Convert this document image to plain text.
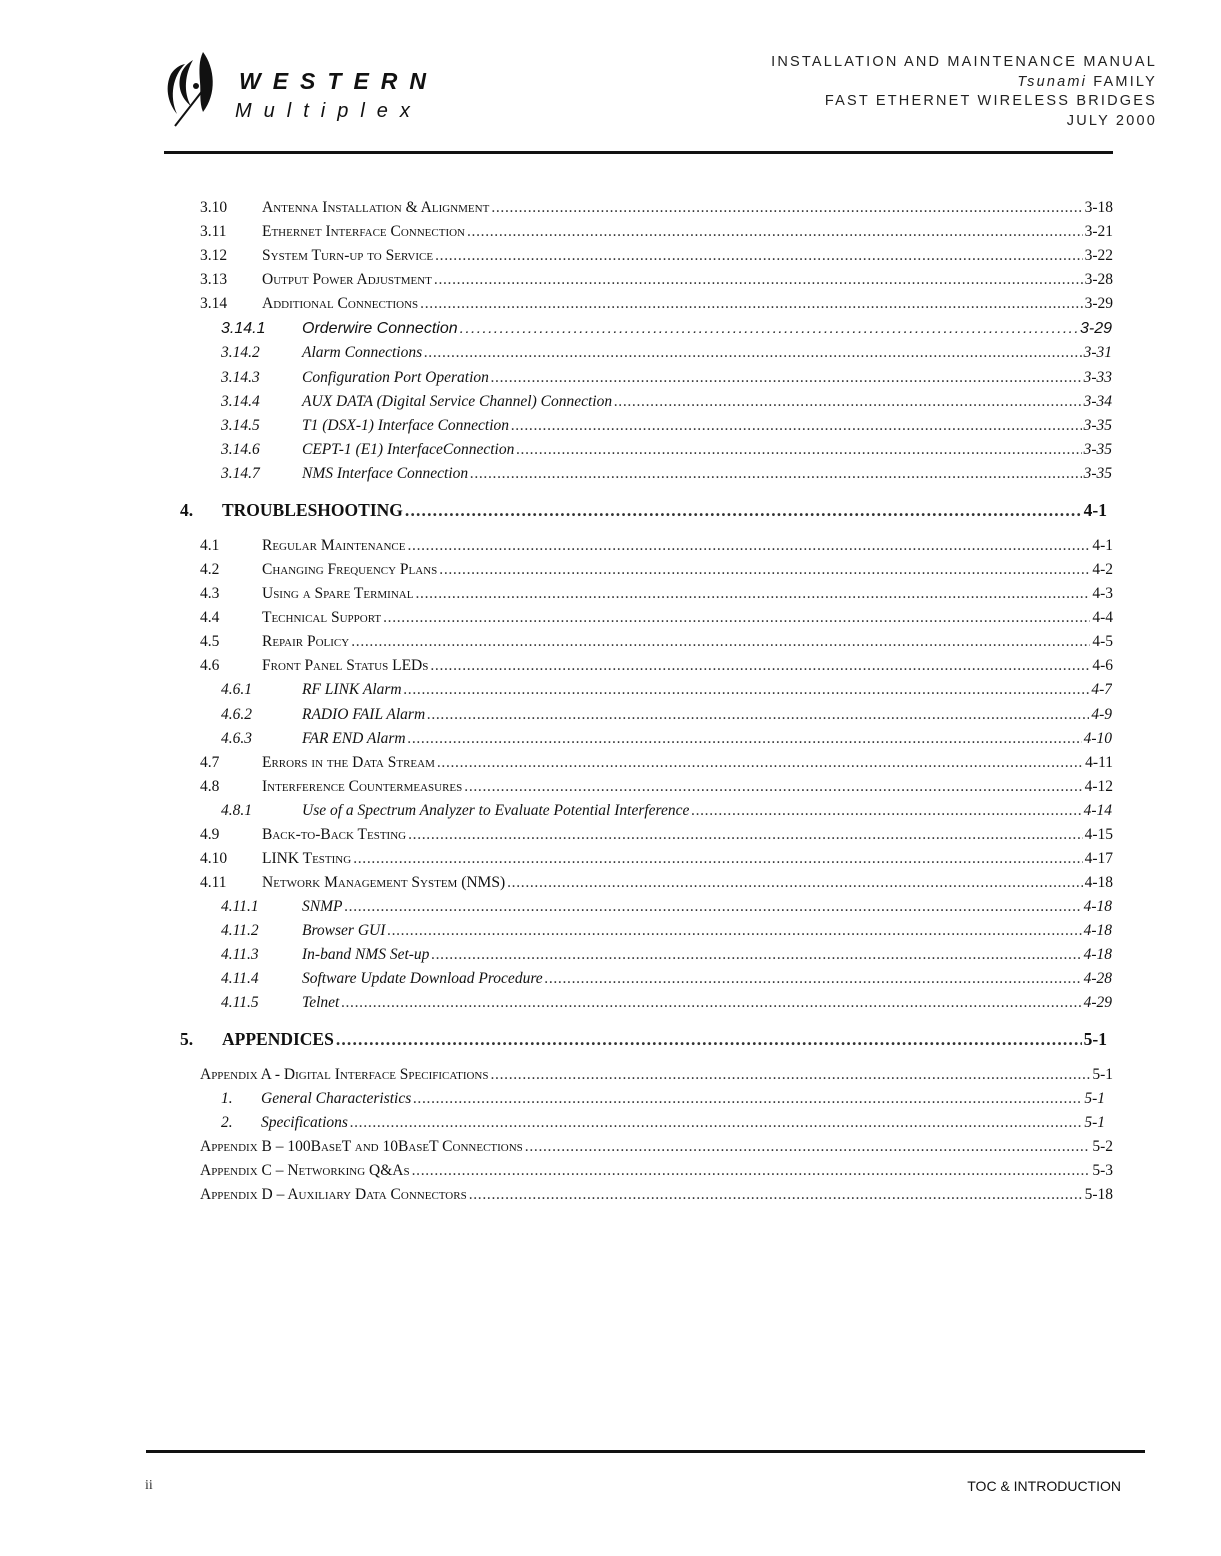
WESTERN
Multiplex
INSTALLATION AND MAINTENANCE MANUAL
Tsunami FAMILY
FAST ETHERNET WIRELESS BRIDGES
JULY 2000
3.10	Antenna Installation & Alignment . . .	3-18
3.11	Ethernet Interface Connection . . .	3-21
3.12	System Turn-up to Service . . .	3-22
3.13	Output Power Adjustment . . .	3-28
3.14	Additional Connections . . .	3-29
3.14.1	Orderwire Connection . . .	3-29
3.14.2	Alarm Connections . . .	3-31
3.14.3	Configuration Port Operation . . .	3-33
3.14.4	AUX DATA (Digital Service Channel) Connection . . .	3-34
3.14.5	T1 (DSX-1) Interface Connection . . .	3-35
3.14.6	CEPT-1 (E1) InterfaceConnection . . .	3-35
3.14.7	NMS Interface Connection . . .	3-35
4.	TROUBLESHOOTING . . .	4-1
4.1	Regular Maintenance . . .	4-1
4.2	Changing Frequency Plans . . .	4-2
4.3	Using a Spare Terminal . . .	4-3
4.4	Technical Support . . .	4-4
4.5	Repair Policy . . .	4-5
4.6	Front Panel Status LEDs . . .	4-6
4.6.1	RF LINK Alarm . . .	4-7
4.6.2	RADIO FAIL Alarm . . .	4-9
4.6.3	FAR END Alarm . . .	4-10
4.7	Errors in the Data Stream . . .	4-11
4.8	Interference Countermeasures . . .	4-12
4.8.1	Use of a Spectrum Analyzer to Evaluate Potential Interference . . .	4-14
4.9	Back-to-Back Testing . . .	4-15
4.10	LINK Testing . . .	4-17
4.11	Network Management System (NMS) . . .	4-18
4.11.1	SNMP . . .	4-18
4.11.2	Browser GUI . . .	4-18
4.11.3	In-band NMS Set-up . . .	4-18
4.11.4	Software Update Download Procedure . . .	4-28
4.11.5	Telnet . . .	4-29
5.	APPENDICES . . .	5-1
Appendix A - Digital Interface Specifications . . .	5-1
1.	General Characteristics . . .	5-1
2.	Specifications . . .	5-1
Appendix B – 100BaseT and 10BaseT Connections . . .	5-2
Appendix C – Networking Q&As . . .	5-3
Appendix D – Auxiliary Data Connectors . . .	5-18
ii	TOC & INTRODUCTION
